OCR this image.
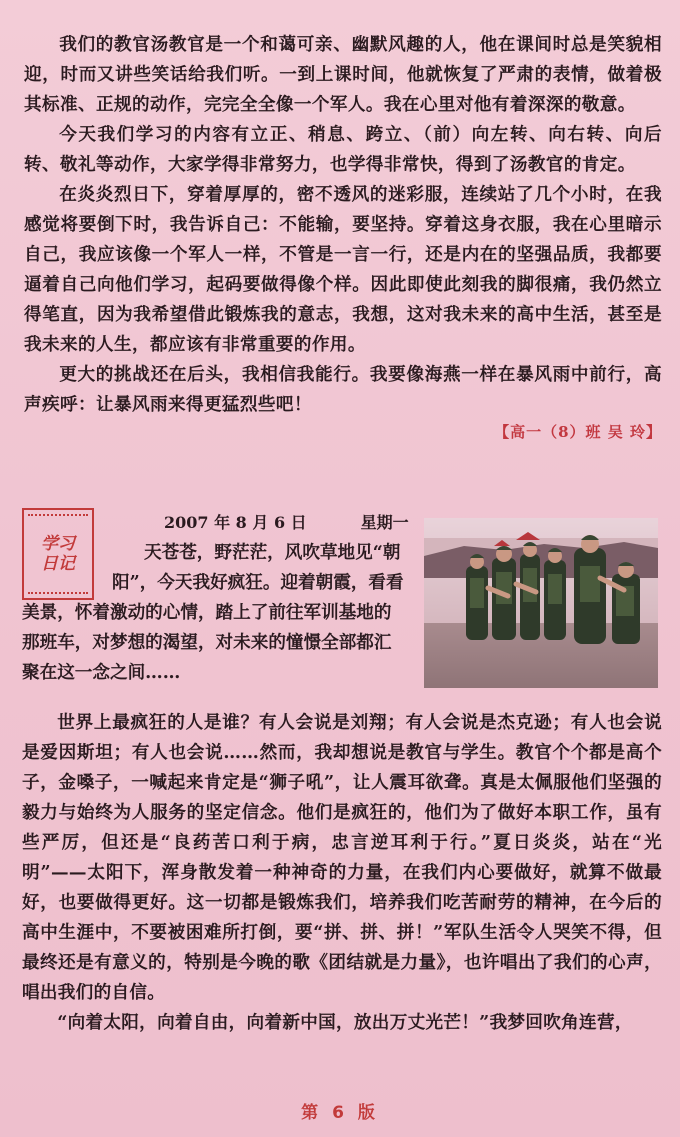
我们的教官汤教官是一个和蔼可亲、幽默风趣的人，他在课间时总是笑貌相迎，时而又讲些笑话给我们听。一到上课时间，他就恢复了严肃的表情，做着极其标准、正规的动作，完完全全像一个军人。我在心里对他有着深深的敬意。

今天我们学习的内容有立正、稍息、跨立、（前）向左转、向右转、向后转、敬礼等动作，大家学得非常努力，也学得非常快，得到了汤教官的肯定。

在炎炎烈日下，穿着厚厚的，密不透风的迷彩服，连续站了几个小时，在我感觉将要倒下时，我告诉自己：不能输，要坚持。穿着这身衣服，我在心里暗示自己，我应该像一个军人一样，不管是一言一行，还是内在的坚强品质，我都要逼着自己向他们学习，起码要做得像个样。因此即使此刻我的脚很痛，我仍然立得笔直，因为我希望借此锻炼我的意志，我想，这对我未来的高中生活，甚至是我未来的人生，都应该有非常重要的作用。

更大的挑战还在后头，我相信我能行。我要像海燕一样在暴风雨中前行，高声疾呼：让暴风雨来得更猛烈些吧！

【高一（8）班 吴 玲】
学习日记
2007 年 8 月 6 日	星期一

天苍苍，野茫茫，风吹草地见“朝

阳”，今天我好疯狂。迎着朝霞，看看

美景，怀着激动的心情，踏上了前往军训基地的

那班车，对梦想的渴望，对未来的憧憬全部都汇

聚在这一念之间……

世界上最疯狂的人是谁？有人会说是刘翔；有人会说是杰克逊；有人也会说是爱因斯坦；有人也会说……然而，我却想说是教官与学生。教官个个都是高个子，金嗓子，一喊起来肯定是“狮子吼”，让人震耳欲聋。真是太佩服他们坚强的毅力与始终为人服务的坚定信念。他们是疯狂的，他们为了做好本职工作，虽有些严厉，但还是“良药苦口利于病，忠言逆耳利于行。”夏日炎炎，站在“光明”——太阳下，浑身散发着一种神奇的力量，在我们内心要做好，就算不做最好，也要做得更好。这一切都是锻炼我们，培养我们吃苦耐劳的精神，在今后的高中生涯中，不要被困难所打倒，要“拼、拼、拼！”军队生活令人哭笑不得，但最终还是有意义的，特别是今晚的歌《团结就是力量》，也许唱出了我们的心声，唱出我们的自信。

“向着太阳，向着自由，向着新中国，放出万丈光芒！”我梦回吹角连营，

第 6 版
